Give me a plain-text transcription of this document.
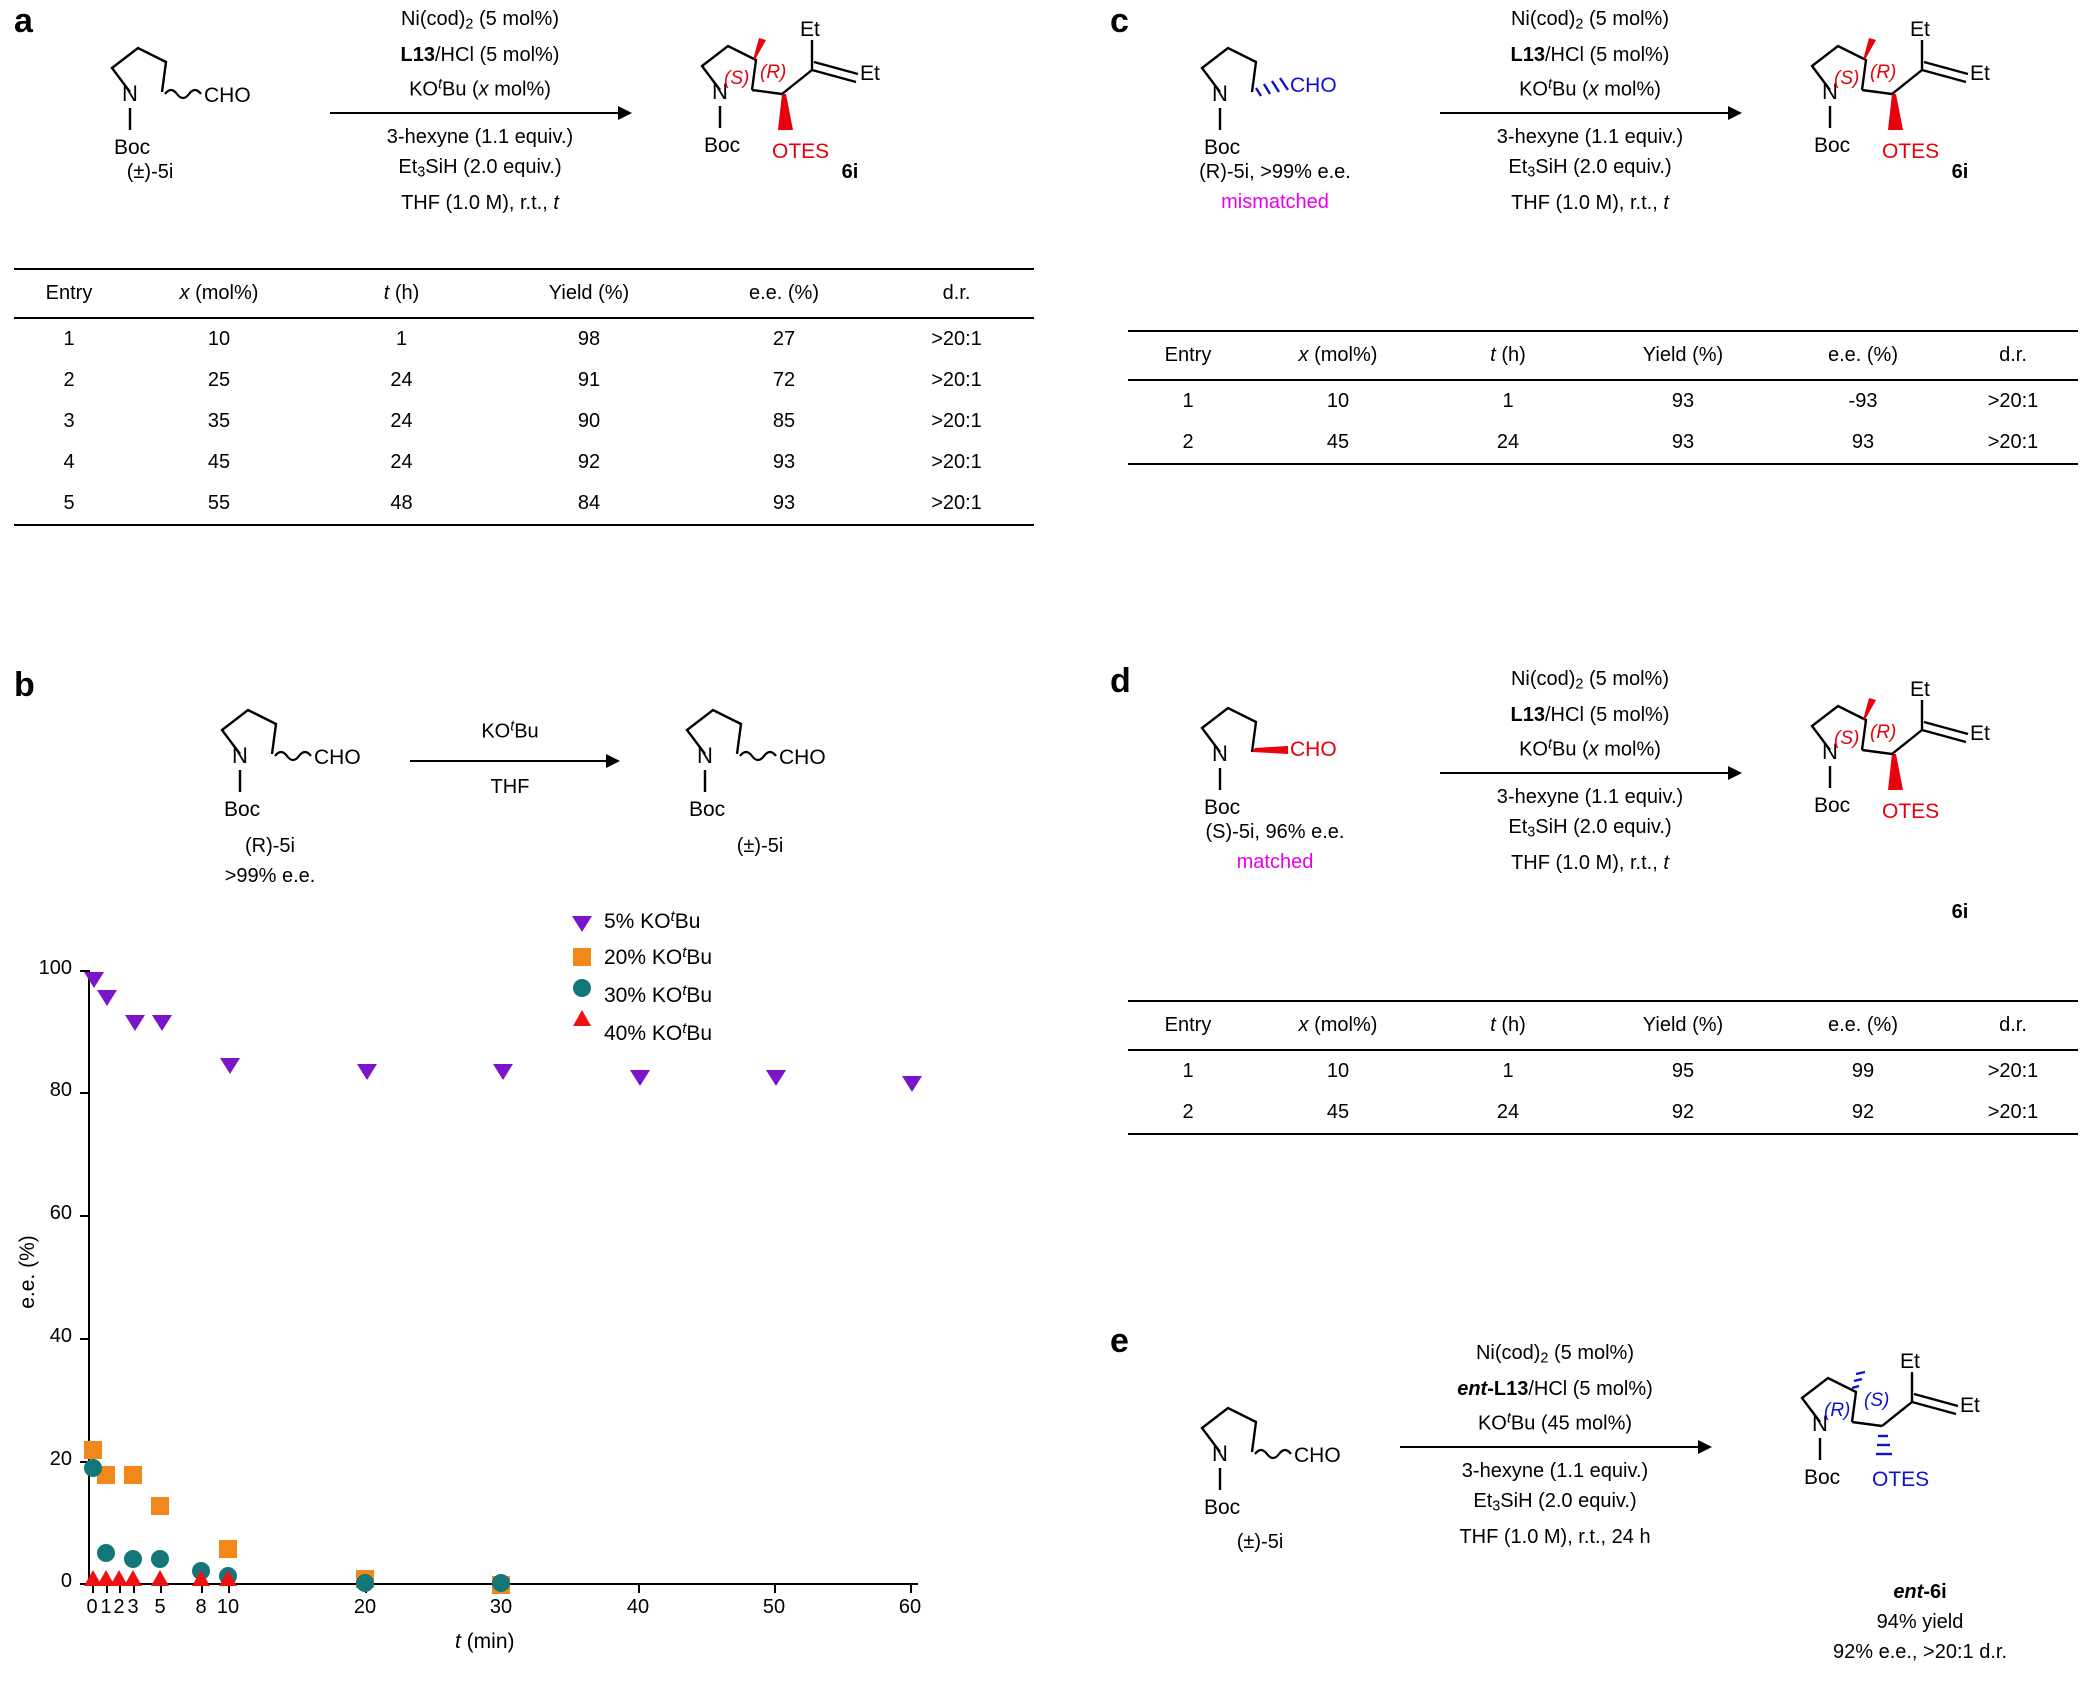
a
N
Boc
CHO
(±)-5i
$Ni(cod)_2$ (5 mol%)
L13/HCl (5 mol%)
$KO^tBu$ (x mol%)
3-hexyne (1.1 equiv.)
$Et_3SiH$ (2.0 equiv.)
THF (1.0 M), r.t., t
N
Boc OTES
Et
Et
(R)
(S)
6i
Entry	x (mol%)	t (h)	Yield (%)	e.e. (%)	d.r.
1	10	1	98	27	>20:1
2	25	24	91	72	>20:1
3	35	24	90	85	>20:1
4	45	24	92	93	>20:1
5	55	48	84	93	>20:1
b
N
Boc
CHO
(R)-5i
>99% e.e.
$KO^tBu$
THF
N
Boc
CHO
(±)-5i
100
80
60
40
20
0
e.e. (%)
0 1 2 3 5	8 10	20	30	40	50	60
t (min)
5% $KO^tBu$
20% $KO^tBu$
30% $KO^tBu$
40% $KO^tBu$
c
N
Boc
CHO
(R)-5i, >99% e.e.
mismatched
$Ni(cod)_2$ (5 mol%)
L13/HCl (5 mol%)
$KO^tBu$ (x mol%)
3-hexyne (1.1 equiv.)
$Et_3SiH$ (2.0 equiv.)
THF (1.0 M), r.t., t
N
Boc OTES
Et
Et
(R)
(S)
6i
Entry	x (mol%)	t (h)	Yield (%)	e.e. (%)	d.r.
1	10	1	93	-93	>20:1
2	45	24	93	93	>20:1
d
N
Boc
CHO
(S)-5i, 96% e.e.
matched
$Ni(cod)_2$ (5 mol%)
L13/HCl (5 mol%)
$KO^tBu$ (x mol%)
3-hexyne (1.1 equiv.)
$Et_3SiH$ (2.0 equiv.)
THF (1.0 M), r.t., t
N
Boc OTES
Et
Et
(R)
(S)
6i
Entry	x (mol%)	t (h)	Yield (%)	e.e. (%)	d.r.
1	10	1	95	99	>20:1
2	45	24	92	92	>20:1
e
N
Boc
CHO
(±)-5i
$Ni(cod)_2$ (5 mol%)
ent-L13/HCl (5 mol%)
$KO^tBu$ (45 mol%)
3-hexyne (1.1 equiv.)
$Et_3SiH$ (2.0 equiv.)
THF (1.0 M), r.t., 24 h
N
Boc OTES
Et
Et
(S)
(R)
ent-6i
94% yield
92% e.e., >20:1 d.r.
